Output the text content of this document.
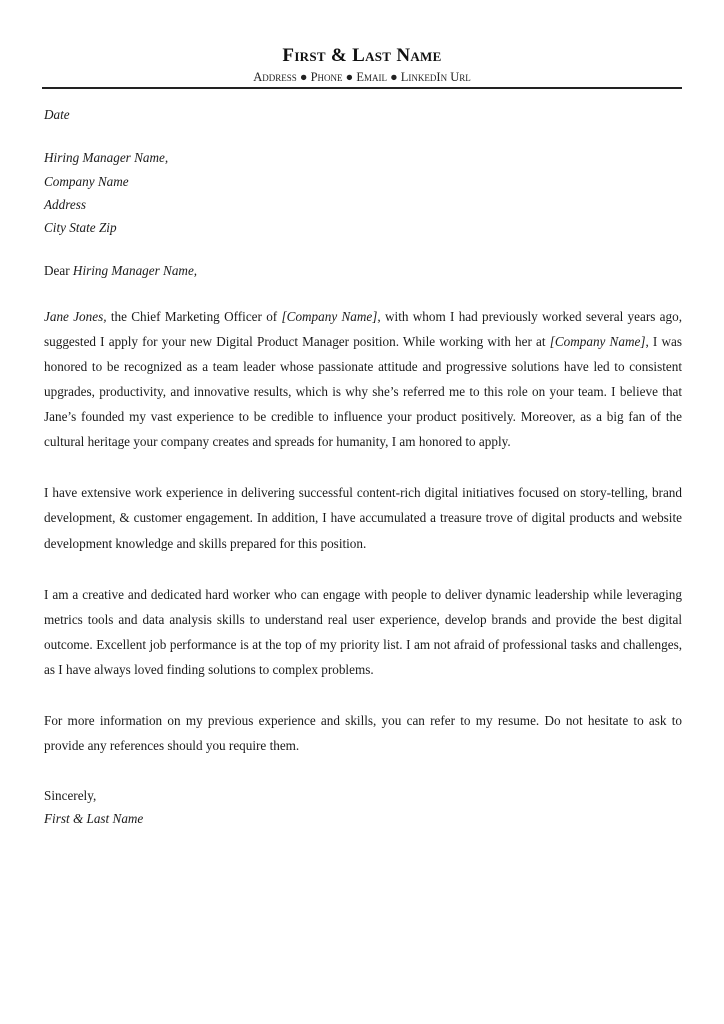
First & Last Name
Address ● Phone ● Email ● LinkedIn Url
Date
Hiring Manager Name,
Company Name
Address
City State Zip
Dear Hiring Manager Name,

Jane Jones, the Chief Marketing Officer of [Company Name], with whom I had previously worked several years ago, suggested I apply for your new Digital Product Manager position. While working with her at [Company Name], I was honored to be recognized as a team leader whose passionate attitude and progressive solutions have led to consistent upgrades, productivity, and innovative results, which is why she’s referred me to this role on your team. I believe that Jane’s founded my vast experience to be credible to influence your product positively. Moreover, as a big fan of the cultural heritage your company creates and spreads for humanity, I am honored to apply.

I have extensive work experience in delivering successful content-rich digital initiatives focused on story-telling, brand development, & customer engagement. In addition, I have accumulated a treasure trove of digital products and website development knowledge and skills prepared for this position.

I am a creative and dedicated hard worker who can engage with people to deliver dynamic leadership while leveraging metrics tools and data analysis skills to understand real user experience, develop brands and provide the best digital outcome. Excellent job performance is at the top of my priority list. I am not afraid of professional tasks and challenges, as I have always loved finding solutions to complex problems.

For more information on my previous experience and skills, you can refer to my resume. Do not hesitate to ask to provide any references should you require them.

Sincerely,
First & Last Name
